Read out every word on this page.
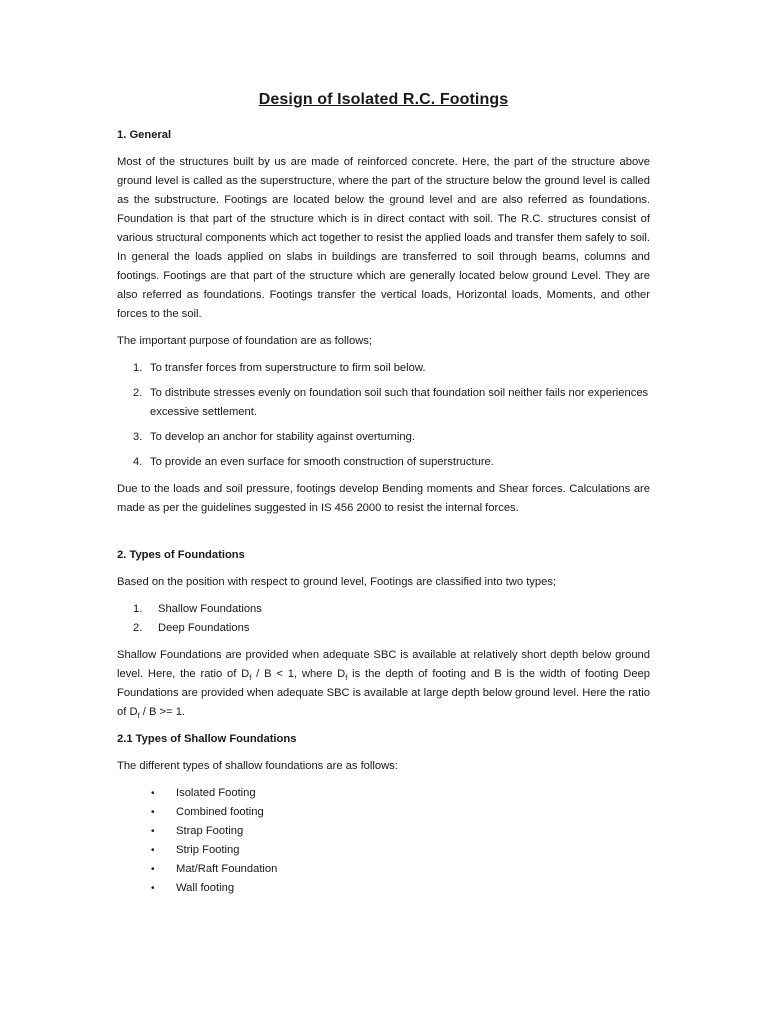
Design of Isolated R.C. Footings
1. General
Most of the structures built by us are made of reinforced concrete. Here, the part of the structure above ground level is called as the superstructure, where the part of the structure below the ground level is called as the substructure. Footings are located below the ground level and are also referred as foundations. Foundation is that part of the structure which is in direct contact with soil. The R.C. structures consist of various structural components which act together to resist the applied loads and transfer them safely to soil. In general the loads applied on slabs in buildings are transferred to soil through beams, columns and footings. Footings are that part of the structure which are generally located below ground Level. They are also referred as foundations. Footings transfer the vertical loads, Horizontal loads, Moments, and other forces to the soil.
The important purpose of foundation are as follows;
1. To transfer forces from superstructure to firm soil below.
2. To distribute stresses evenly on foundation soil such that foundation soil neither fails nor experiences excessive settlement.
3. To develop an anchor for stability against overturning.
4. To provide an even surface for smooth construction of superstructure.
Due to the loads and soil pressure, footings develop Bending moments and Shear forces. Calculations are made as per the guidelines suggested in IS 456 2000 to resist the internal forces.
2. Types of Foundations
Based on the position with respect to ground level, Footings are classified into two types;
1. Shallow Foundations
2. Deep Foundations
Shallow Foundations are provided when adequate SBC is available at relatively short depth below ground level. Here, the ratio of $D_f / B < 1$, where $D_f$ is the depth of footing and B is the width of footing Deep Foundations are provided when adequate SBC is available at large depth below ground level. Here the ratio of $D_f / B >= 1$.
2.1 Types of Shallow Foundations
The different types of shallow foundations are as follows:
• Isolated Footing
• Combined footing
• Strap Footing
• Strip Footing
• Mat/Raft Foundation
• Wall footing
